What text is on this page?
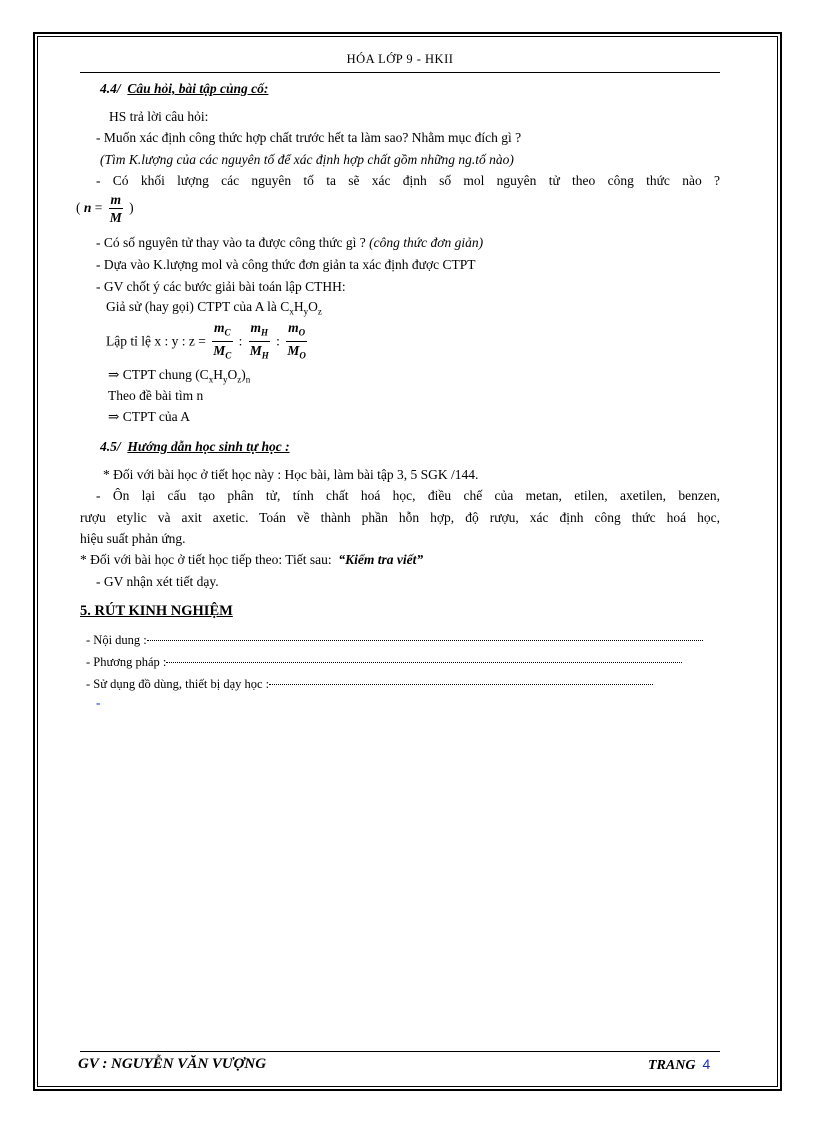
HÓA LỚP 9 - HKII
4.4/ Câu hỏi, bài tập củng cố:
HS trả lời câu hỏi:
- Muốn xác định công thức hợp chất trước hết ta làm sao? Nhằm mục đích gì ?
(Tìm K.lượng của các nguyên tố để xác định hợp chất gồm những ng.tố nào)
- Có khối lượng các nguyên tố ta sẽ xác định số mol nguyên tử theo công thức nào ?
( $n = \frac{m}{M}$ )
- Có số nguyên tử thay vào ta được công thức gì ? (công thức đơn giản)
- Dựa vào K.lượng mol và công thức đơn giản ta xác định được CTPT
- GV chốt ý các bước giải bài toán lập CTHH:
Giả sử (hay gọi) CTPT của A là $C_xH_yO_z$
Lập tỉ lệ x : y : $z = \frac{m_C}{M_C}$ : $\frac{m_H}{M_H}$ : $\frac{m_O}{M_O}$
⇒ CTPT chung $(C_xH_yO_z)_n$
Theo đề bài tìm n
⇒ CTPT của A
4.5/ Hướng dẫn học sinh tự học :
* Đối với bài học ở tiết học này : Học bài, làm bài tập 3, 5 SGK /144.
- Ôn lại cấu tạo phân tử, tính chất hoá học, điều chế của metan, etilen, axetilen, benzen,
rượu etylic và axit axetic. Toán về thành phần hỗn hợp, độ rượu, xác định công thức hoá học,
hiệu suất phản ứng.
* Đối với bài học ở tiết học tiếp theo: Tiết sau: “Kiểm tra viết”
- GV nhận xét tiết dạy.
5. RÚT KINH NGHIỆM
- Nội dung :
- Phương pháp :
- Sử dụng đồ dùng, thiết bị dạy học :
-
GV : NGUYỄN VĂN VƯỢNG	TRANG 4
